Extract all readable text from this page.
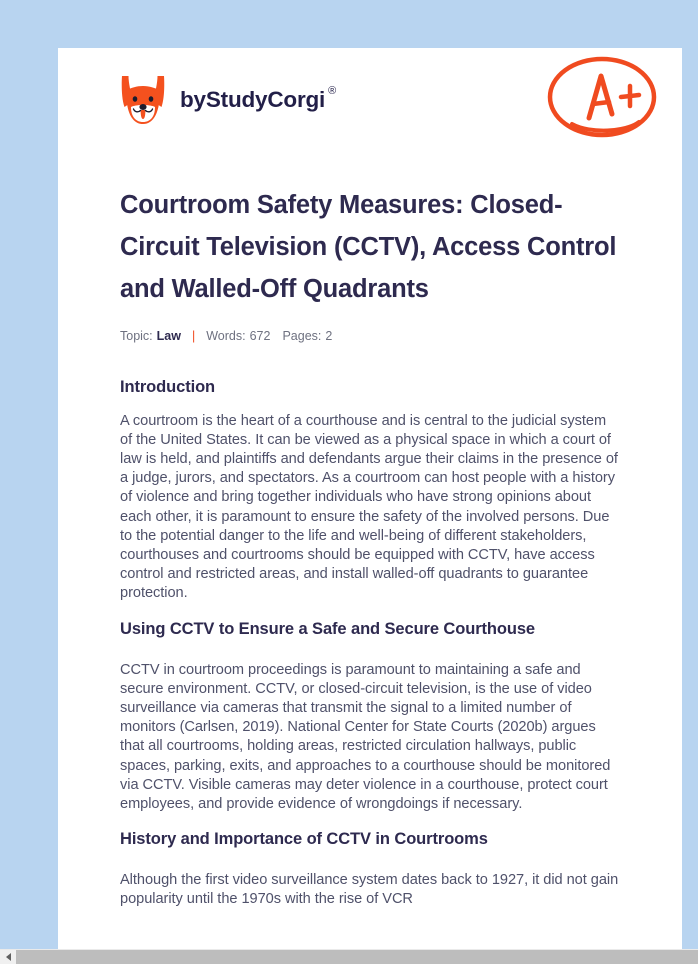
by StudyCorgi ®
Courtroom Safety Measures: Closed-Circuit Television (CCTV), Access Control and Walled-Off Quadrants
Topic: Law | Words: 672 Pages: 2
Introduction

A courtroom is the heart of a courthouse and is central to the judicial system of the United States. It can be viewed as a physical space in which a court of law is held, and plaintiffs and defendants argue their claims in the presence of a judge, jurors, and spectators. As a courtroom can host people with a history of violence and bring together individuals who have strong opinions about each other, it is paramount to ensure the safety of the involved persons. Due to the potential danger to the life and well-being of different stakeholders, courthouses and courtrooms should be equipped with CCTV, have access control and restricted areas, and install walled-off quadrants to guarantee protection.

Using CCTV to Ensure a Safe and Secure Courthouse

CCTV in courtroom proceedings is paramount to maintaining a safe and secure environment. CCTV, or closed-circuit television, is the use of video surveillance via cameras that transmit the signal to a limited number of monitors (Carlsen, 2019). National Center for State Courts (2020b) argues that all courtrooms, holding areas, restricted circulation hallways, public spaces, parking, exits, and approaches to a courthouse should be monitored via CCTV. Visible cameras may deter violence in a courthouse, protect court employees, and provide evidence of wrongdoings if necessary.

History and Importance of CCTV in Courtrooms

Although the first video surveillance system dates back to 1927, it did not gain popularity until the 1970s with the rise of VCR
